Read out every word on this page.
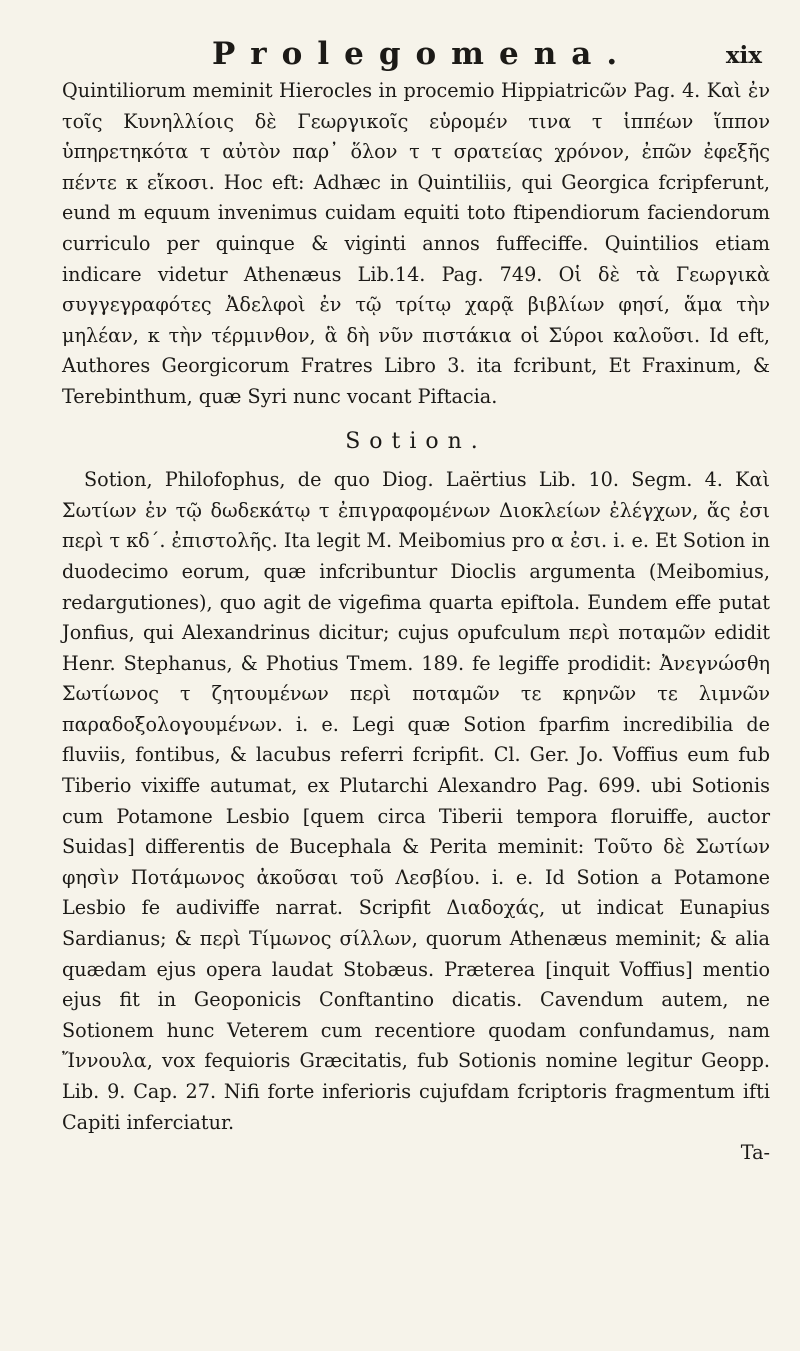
Prolegomena.	xix

Quintiliorum meminit Hierocles in procemio Hippiatricῶν Pag. 4. Καὶ ἐν τοῖς Κυνηλλίοις δὲ Γεωργικοῖς εὑρομέν τινα τ ἱππέων ἵππον ὑπηρετηκότα τ αὐτὸν παρ᾽ ὅλον τ τ σρατείας χρόνον, ἐπῶν ἐφεξῆς πέντε κ εἴκοσι. Hoc eft: Adhæc in Quintiliis, qui Georgica fcripferunt, eund m equum invenimus cuidam equiti toto ftipendiorum faciendorum curriculo per quinque & viginti annos fuffeciffe. Quintilios etiam indicare videtur Athenæus Lib.14. Pag. 749. Οἱ δὲ τὰ Γεωργικὰ συγγεγραφότες Ἀδελφοὶ ἐν τῷ τρίτῳ χαρᾷ βιβλίων φησί, ἅμα τὴν μηλέαν, κ τὴν τέρμινθον, ἃ δὴ νῦν πιστάκια οἱ Σύροι καλοῦσι. Id eft, Authores Georgicorum Fratres Libro 3. ita fcribunt, Et Fraxinum, & Terebinthum, quæ Syri nunc vocant Piftacia.

Sotion.

Sotion, Philofophus, de quo Diog. Laërtius Lib. 10. Segm. 4. Καὶ Σωτίων ἐν τῷ δωδεκάτῳ τ ἐπιγραφομένων Διοκλείων ἐλέγχων, ἅς ἐσι περὶ τ κδ΄. ἐπιστολῆς. Ita legit M. Meibomius pro α ἐσι. i. e. Et Sotion in duodecimo eorum, quæ infcribuntur Dioclis argumenta (Meibomius, redargutiones), quo agit de vigefima quarta epiftola. Eundem effe putat Jonfius, qui Alexandrinus dicitur; cujus opufculum περὶ ποταμῶν edidit Henr. Stephanus, & Photius Tmem. 189. fe legiffe prodidit: Ἀνεγνώσθη Σωτίωνος τ ζητουμένων περὶ ποταμῶν τε κρηνῶν τε λιμνῶν παραδοξολογουμένων. i. e. Legi quæ Sotion fparfim incredibilia de fluviis, fontibus, & lacubus referri fcripfit. Cl. Ger. Jo. Voffius eum fub Tiberio vixiffe autumat, ex Plutarchi Alexandro Pag. 699. ubi Sotionis cum Potamone Lesbio [quem circa Tiberii tempora floruiffe, auctor Suidas] differentis de Bucephala & Perita meminit: Τοῦτο δὲ Σωτίων φησὶν Ποτάμωνος ἀκοῦσαι τοῦ Λεσβίου. i. e. Id Sotion a Potamone Lesbio fe audiviffe narrat. Scripfit Διαδοχάς, ut indicat Eunapius Sardianus; & περὶ Τίμωνος σίλλων, quorum Athenæus meminit; & alia quædam ejus opera laudat Stobæus. Præterea [inquit Voffius] mentio ejus fit in Geoponicis Conftantino dicatis. Cavendum autem, ne Sotionem hunc Veterem cum recentiore quodam confundamus, nam Ἴννουλα, vox fequioris Græcitatis, fub Sotionis nomine legitur Geopp. Lib. 9. Cap. 27. Nifi forte inferioris cujufdam fcriptoris fragmentum ifti Capiti inferciatur.

Ta-
